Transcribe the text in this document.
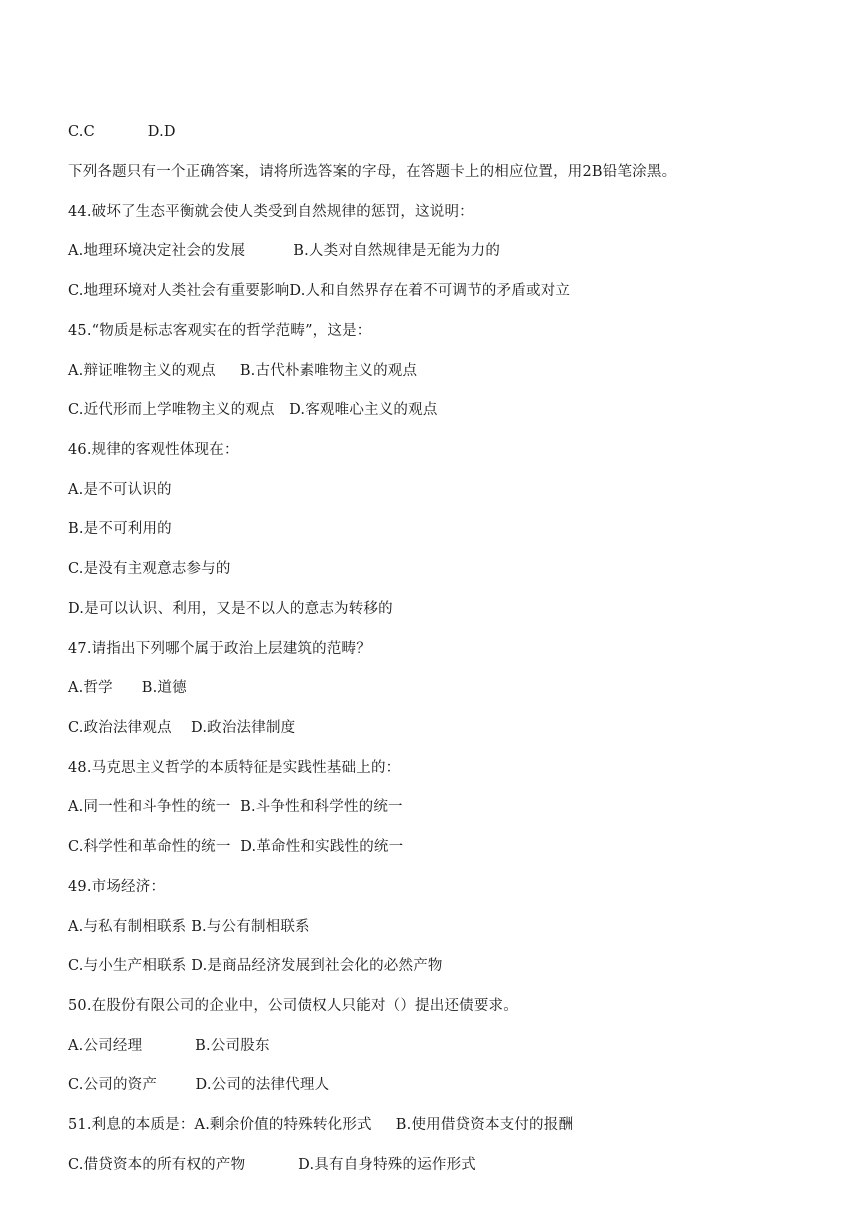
C.C           D.D

下列各题只有一个正确答案，请将所选答案的字母，在答题卡上的相应位置，用2B铅笔涂黑。

44.破坏了生态平衡就会使人类受到自然规律的惩罚，这说明：

A.地理环境决定社会的发展          B.人类对自然规律是无能为力的

C.地理环境对人类社会有重要影响D.人和自然界存在着不可调节的矛盾或对立

45.“物质是标志客观实在的哲学范畴”，这是：

A.辩证唯物主义的观点     B.古代朴素唯物主义的观点

C.近代形而上学唯物主义的观点   D.客观唯心主义的观点

46.规律的客观性体现在：

A.是不可认识的

B.是不可利用的

C.是没有主观意志参与的

D.是可以认识、利用，又是不以人的意志为转移的

47.请指出下列哪个属于政治上层建筑的范畴？

A.哲学      B.道德

C.政治法律观点    D.政治法律制度

48.马克思主义哲学的本质特征是实践性基础上的：

A.同一性和斗争性的统一  B.斗争性和科学性的统一

C.科学性和革命性的统一  D.革命性和实践性的统一

49.市场经济：

A.与私有制相联系 B.与公有制相联系

C.与小生产相联系 D.是商品经济发展到社会化的必然产物

50.在股份有限公司的企业中，公司债权人只能对（）提出还债要求。

A.公司经理           B.公司股东

C.公司的资产        D.公司的法律代理人

51.利息的本质是：A.剩余价值的特殊转化形式     B.使用借贷资本支付的报酬

C.借贷资本的所有权的产物           D.具有自身特殊的运作形式
